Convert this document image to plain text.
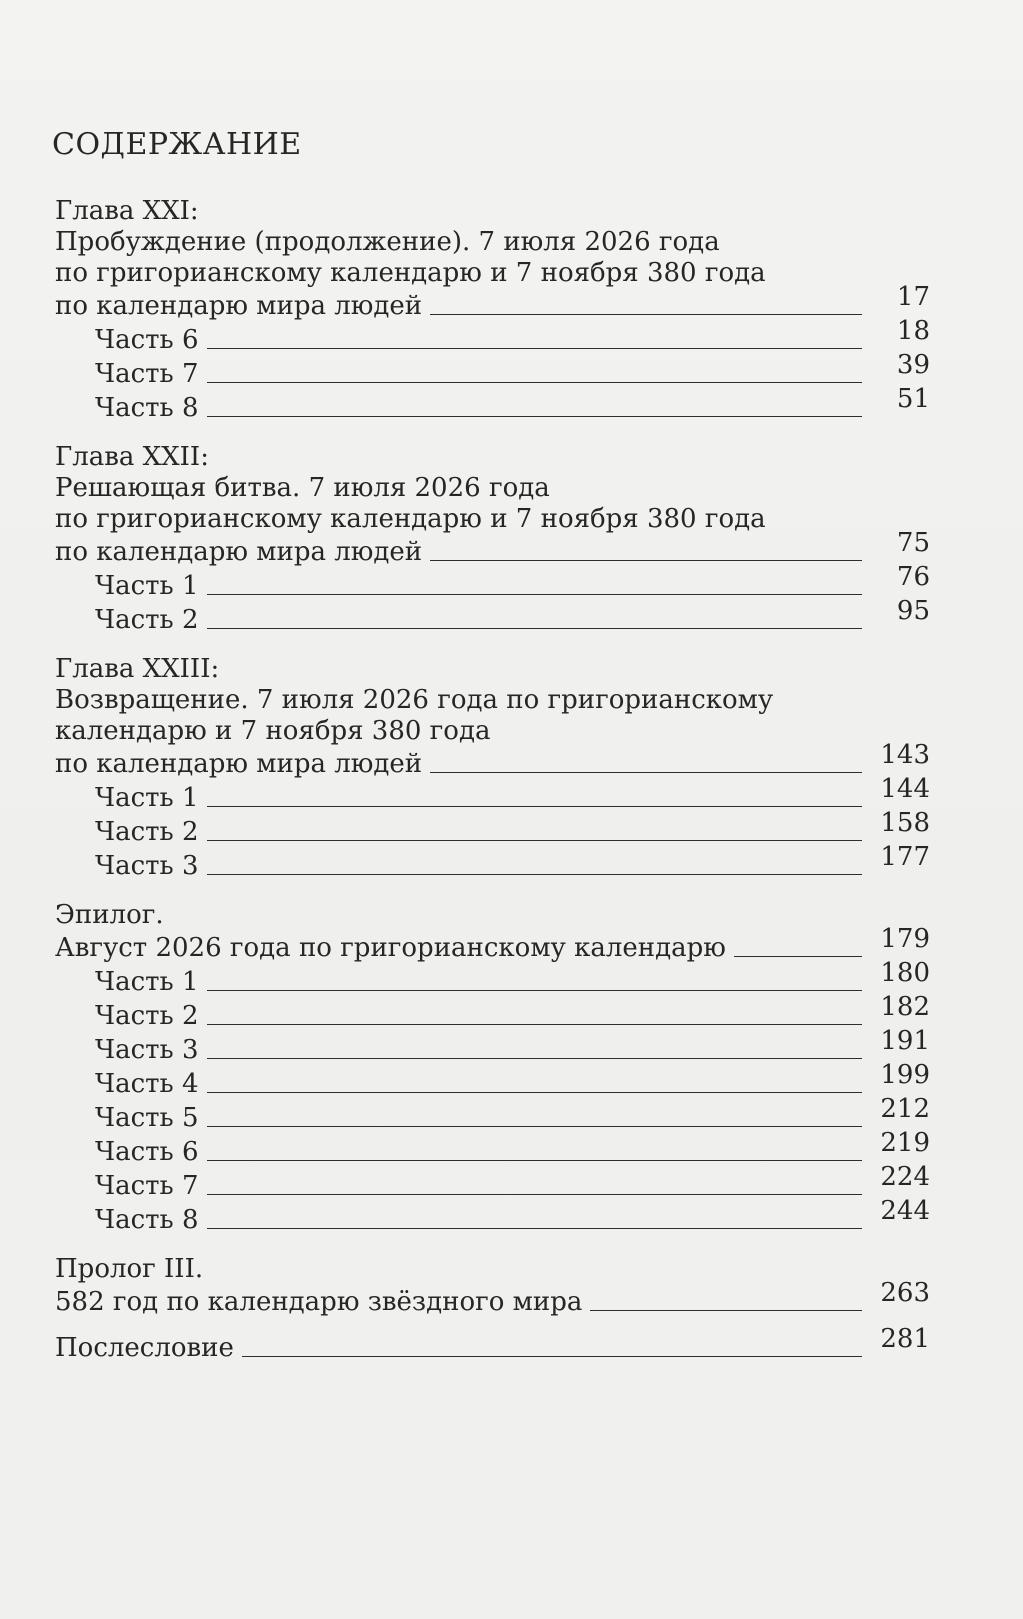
СОДЕРЖАНИЕ
Глава XXI:
Пробуждение (продолжение). 7 июля 2026 года
по григорианскому календарю и 7 ноября 380 года
по календарю мира людей	17
Часть 6	18
Часть 7	39
Часть 8	51
Глава XXII:
Решающая битва. 7 июля 2026 года
по григорианскому календарю и 7 ноября 380 года
по календарю мира людей	75
Часть 1	76
Часть 2	95
Глава XXIII:
Возвращение. 7 июля 2026 года по григорианскому
календарю и 7 ноября 380 года
по календарю мира людей	143
Часть 1	144
Часть 2	158
Часть 3	177
Эпилог.
Август 2026 года по григорианскому календарю	179
Часть 1	180
Часть 2	182
Часть 3	191
Часть 4	199
Часть 5	212
Часть 6	219
Часть 7	224
Часть 8	244
Пролог III.
582 год по календарю звёздного мира	263
Послесловие	281
